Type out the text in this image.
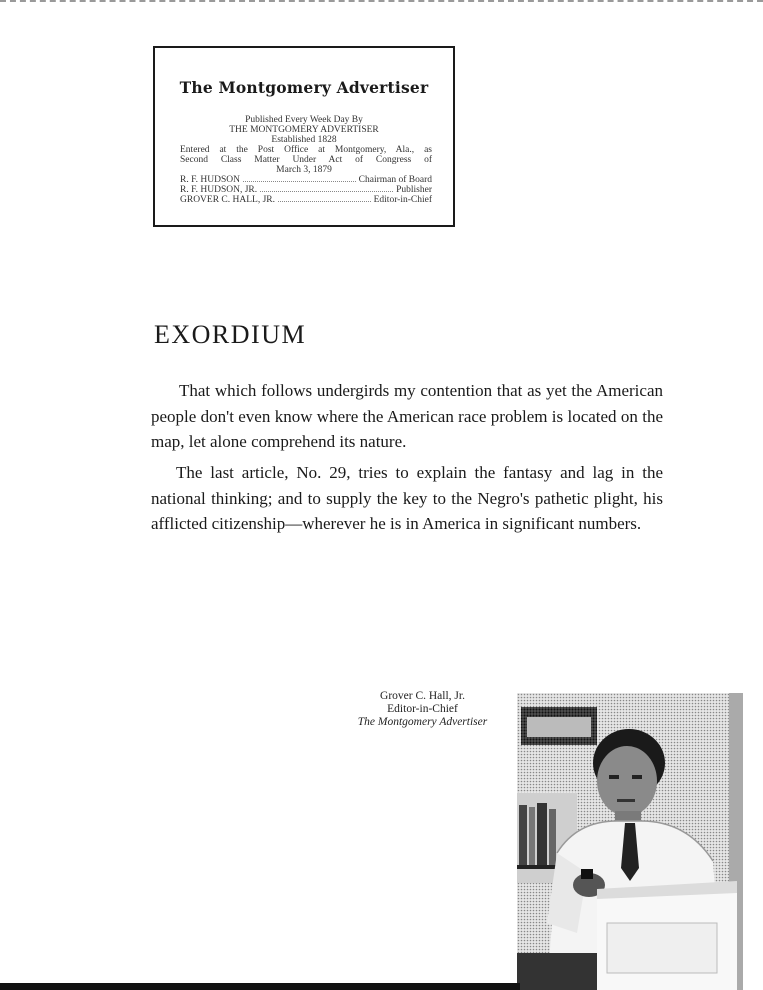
The Montgomery Advertiser
Published Every Week Day By
THE MONTGOMERY ADVERTISER
Established 1828
Entered at the Post Office at Montgomery, Ala., as
Second Class Matter Under Act of Congress of
March 3, 1879
R. F. HUDSON	Chairman of Board
R. F. HUDSON, JR.	Publisher
GROVER C. HALL, JR.	Editor-in-Chief
EXORDIUM

That which follows undergirds my contention that as yet the American people don't even know where the American race problem is located on the map, let alone comprehend its nature.

The last article, No. 29, tries to explain the fantasy and lag in the national thinking; and to supply the key to the Negro's pathetic plight, his afflicted citizenship—wherever he is in America in significant numbers.

Grover C. Hall, Jr.
Editor-in-Chief
The Montgomery Advertiser
